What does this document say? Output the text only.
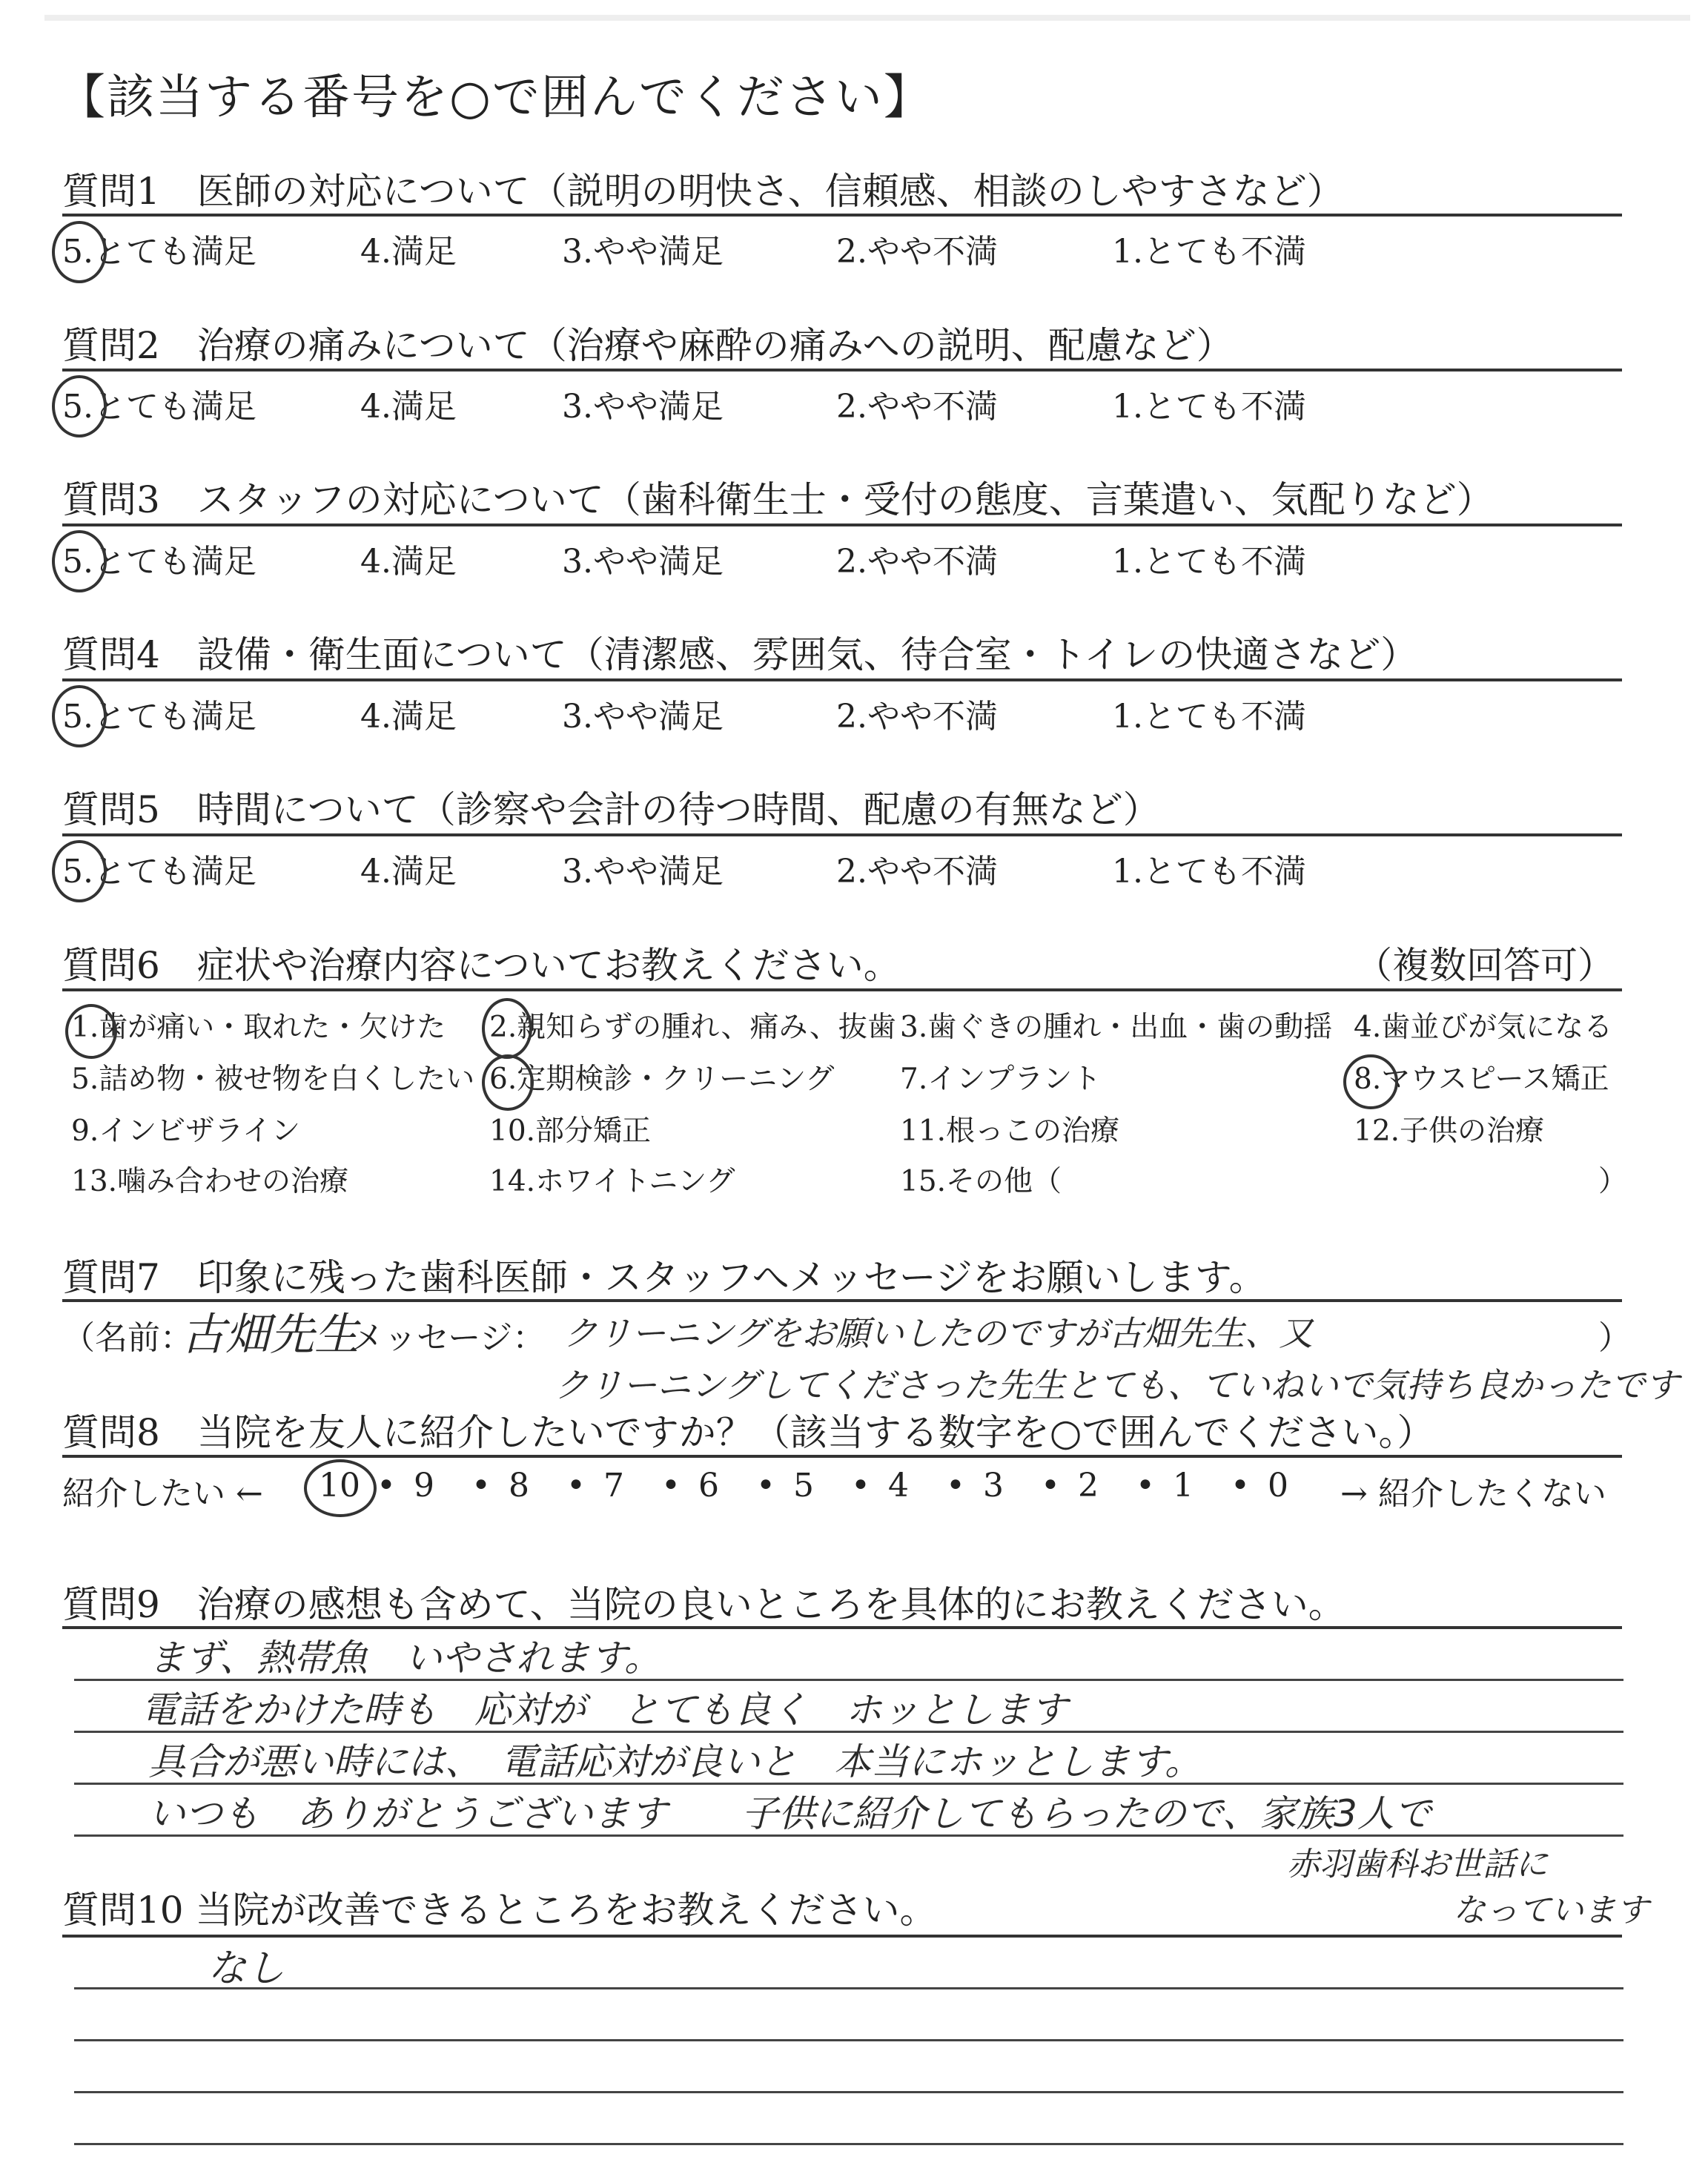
【該当する番号を○で囲んでください】
質問1　医師の対応について（説明の明快さ、信頼感、相談のしやすさなど）
5.とても満足	4.満足	3.やや満足	2.やや不満	1.とても不満
質問2　治療の痛みについて（治療や麻酔の痛みへの説明、配慮など）
5.とても満足	4.満足	3.やや満足	2.やや不満	1.とても不満
質問3　スタッフの対応について（歯科衛生士・受付の態度、言葉遣い、気配りなど）
5.とても満足	4.満足	3.やや満足	2.やや不満	1.とても不満
質問4　設備・衛生面について（清潔感、雰囲気、待合室・トイレの快適さなど）
5.とても満足	4.満足	3.やや満足	2.やや不満	1.とても不満
質問5　時間について（診察や会計の待つ時間、配慮の有無など）
5.とても満足	4.満足	3.やや満足	2.やや不満	1.とても不満
質問6　症状や治療内容についてお教えください。	（複数回答可）
1.歯が痛い・取れた・欠けた 2.親知らずの腫れ、痛み、抜歯 3.歯ぐきの腫れ・出血・歯の動揺 4.歯並びが気になる
5.詰め物・被せ物を白くしたい 6.定期検診・クリーニング 7.インプラント	8.マウスピース矯正
9.インビザライン	10.部分矯正	11.根っこの治療	12.子供の治療
13.噛み合わせの治療	14.ホワイトニング	15.その他（	）
質問7　印象に残った歯科医師・スタッフへメッセージをお願いします。
（名前：
古畑先生
メッセージ： クリーニングをお願いしたのですが古畑先生、又	）
クリーニングしてくださった先生とても、ていねいで気持ち良かったです
質問8　当院を友人に紹介したいですか？（該当する数字を○で囲んでください。）
紹介したい ← 10 • 9 • 8 • 7 • 6 • 5 • 4 • 3 • 2 • 1 • 0 → 紹介したくない
質問9　治療の感想も含めて、当院の良いところを具体的にお教えください。
まず、熱帯魚　いやされます。
電話をかけた時も　応対が　とても良く　ホッとします
具合が悪い時には、　電話応対が良いと　本当にホッとします。
いつも　ありがとうございます　　子供に紹介してもらったので、家族3人で
赤羽歯科お世話に
なっています
質問10 当院が改善できるところをお教えください。
なし
